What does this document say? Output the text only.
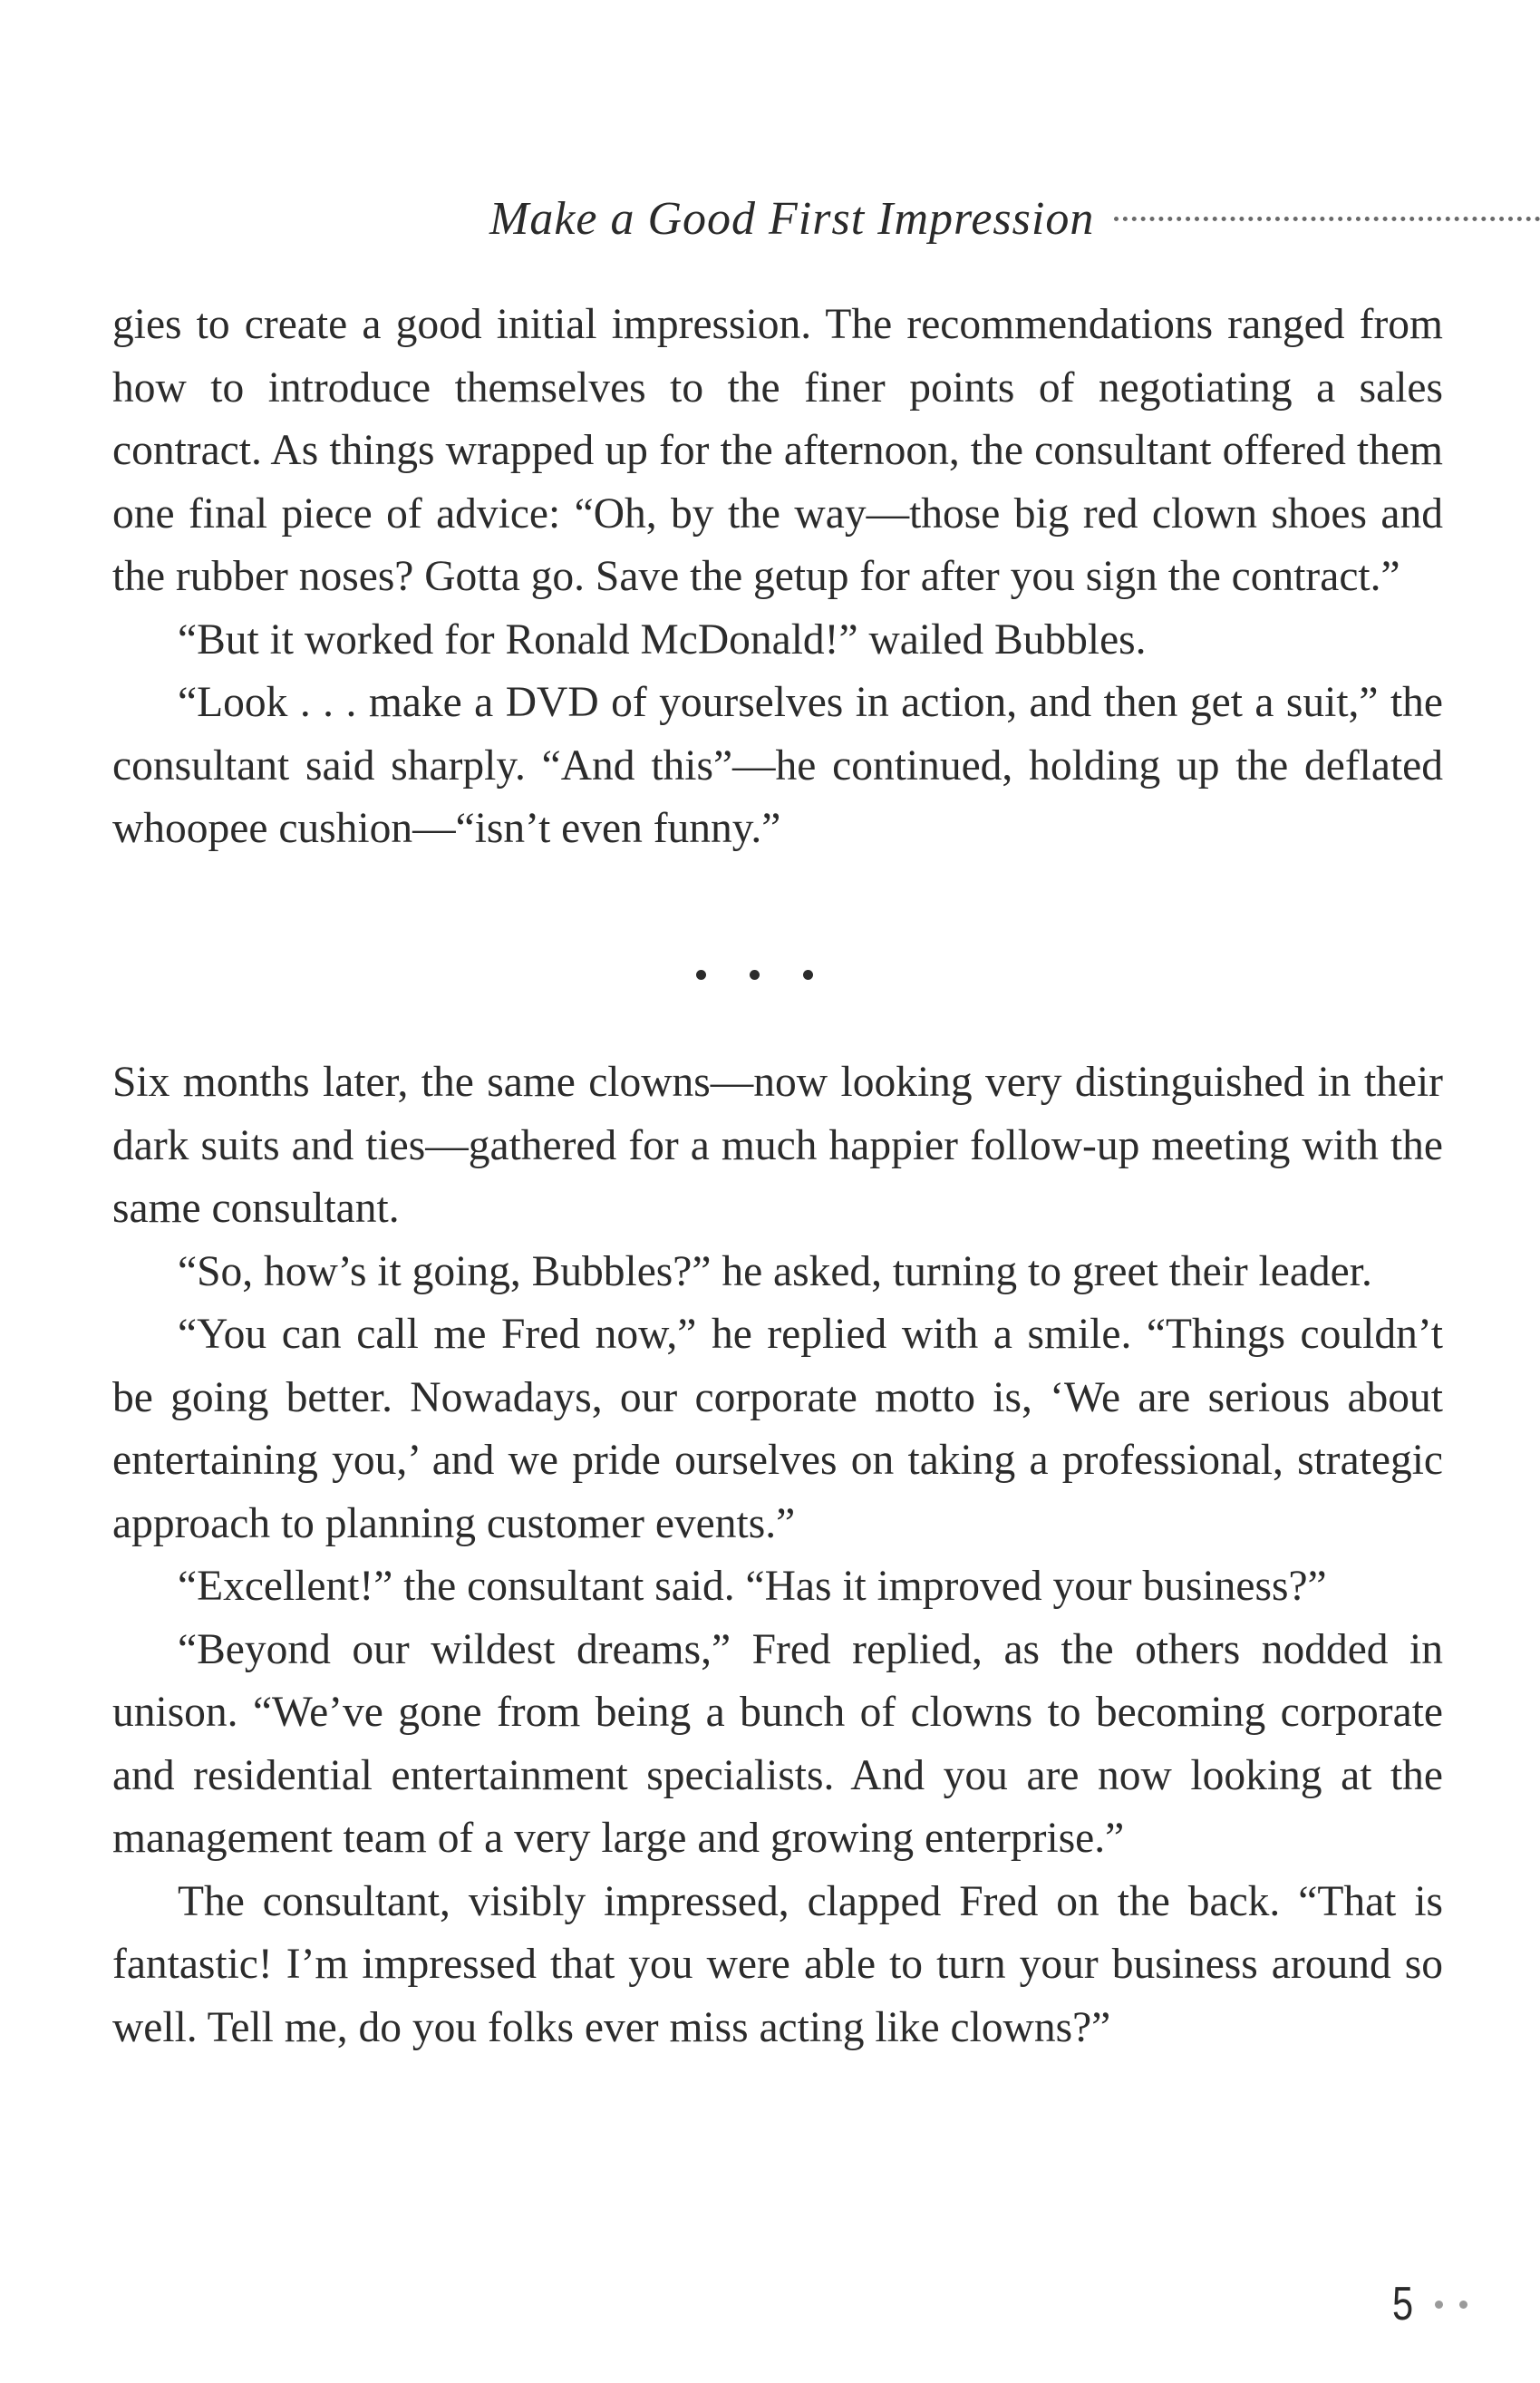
Make a Good First Impression

gies to create a good initial impression. The recommendations ranged from how to introduce themselves to the finer points of negotiating a sales contract. As things wrapped up for the afternoon, the consultant offered them one final piece of advice: “Oh, by the way—those big red clown shoes and the rubber noses? Gotta go. Save the getup for after you sign the contract.”

“But it worked for Ronald McDonald!” wailed Bubbles.

“Look . . . make a DVD of yourselves in action, and then get a suit,” the consultant said sharply. “And this”—he continued, holding up the deflated whoopee cushion—“isn’t even funny.”

Six months later, the same clowns—now looking very distinguished in their dark suits and ties—gathered for a much happier follow-up meeting with the same consultant.

“So, how’s it going, Bubbles?” he asked, turning to greet their leader.

“You can call me Fred now,” he replied with a smile. “Things couldn’t be going better. Nowadays, our corporate motto is, ‘We are serious about entertaining you,’ and we pride ourselves on taking a professional, strategic approach to planning customer events.”

“Excellent!” the consultant said. “Has it improved your business?”

“Beyond our wildest dreams,” Fred replied, as the others nodded in unison. “We’ve gone from being a bunch of clowns to becoming corporate and residential entertainment specialists. And you are now looking at the management team of a very large and growing enterprise.”

The consultant, visibly impressed, clapped Fred on the back. “That is fantastic! I’m impressed that you were able to turn your business around so well. Tell me, do you folks ever miss acting like clowns?”

5
